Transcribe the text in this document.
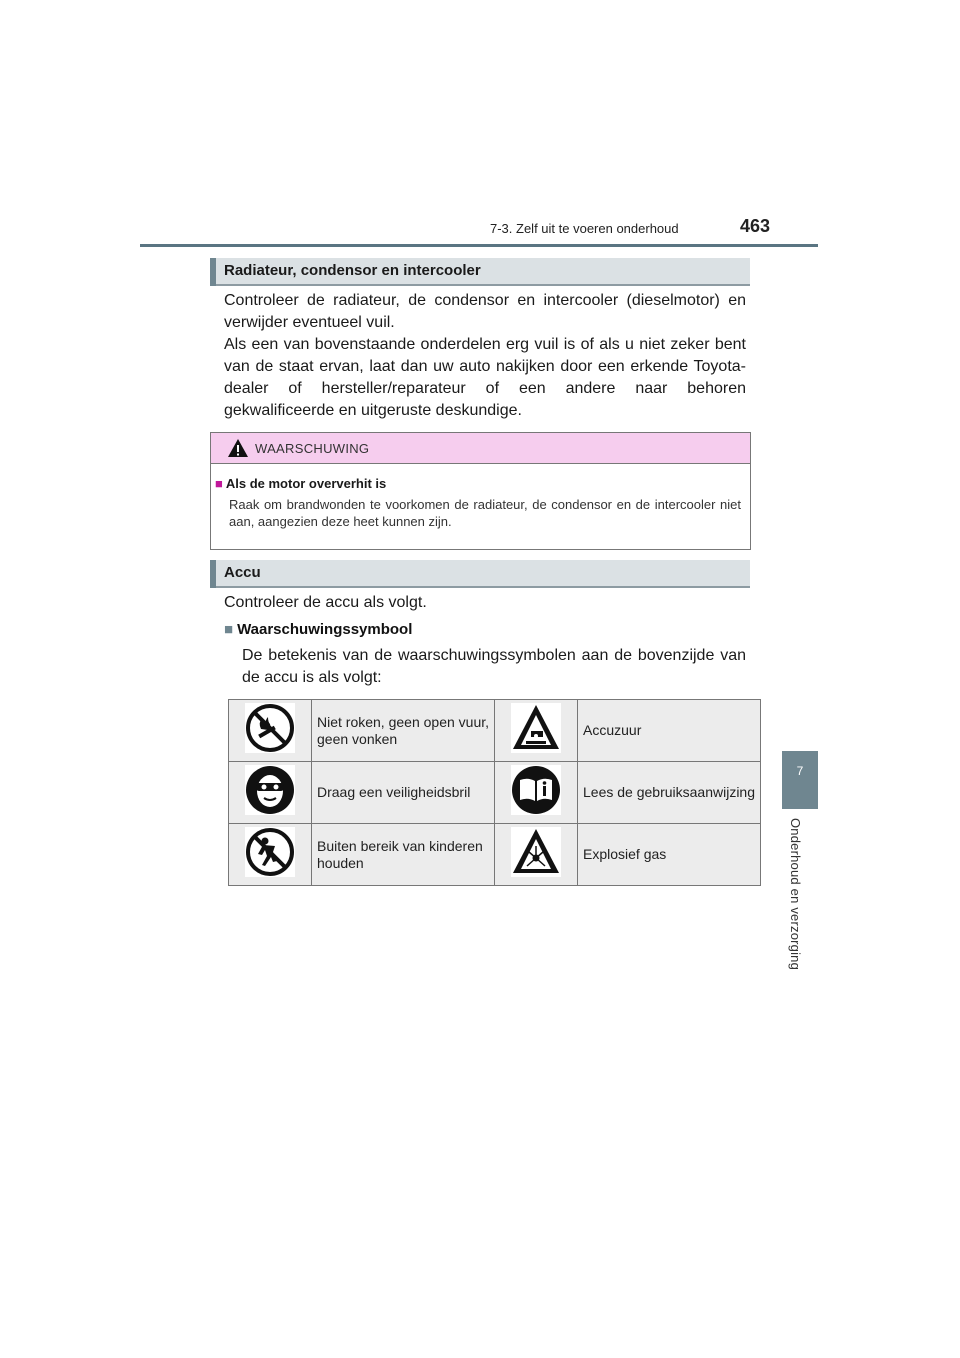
7-3. Zelf uit te voeren onderhoud	463
7
Onderhoud en verzorging
Radiateur, condensor en intercooler
Controleer de radiateur, de condensor en intercooler (dieselmotor) en verwijder eventueel vuil.
Als een van bovenstaande onderdelen erg vuil is of als u niet zeker bent van de staat ervan, laat dan uw auto nakijken door een erkende Toyota-dealer of hersteller/reparateur of een andere naar behoren gekwalificeerde en uitgeruste deskundige.
WAARSCHUWING
■ Als de motor oververhit is
Raak om brandwonden te voorkomen de radiateur, de condensor en de intercooler niet aan, aangezien deze heet kunnen zijn.
Accu
Controleer de accu als volgt.
■ Waarschuwingssymbool
De betekenis van de waarschuwingssymbolen aan de bovenzijde van de accu is als volgt:
	Niet roken, geen open vuur, geen vonken		Accuzuur

	Draag een veiligheidsbril		Lees de gebruiksaanwijzing

	Buiten bereik van kinderen houden		Explosief gas
